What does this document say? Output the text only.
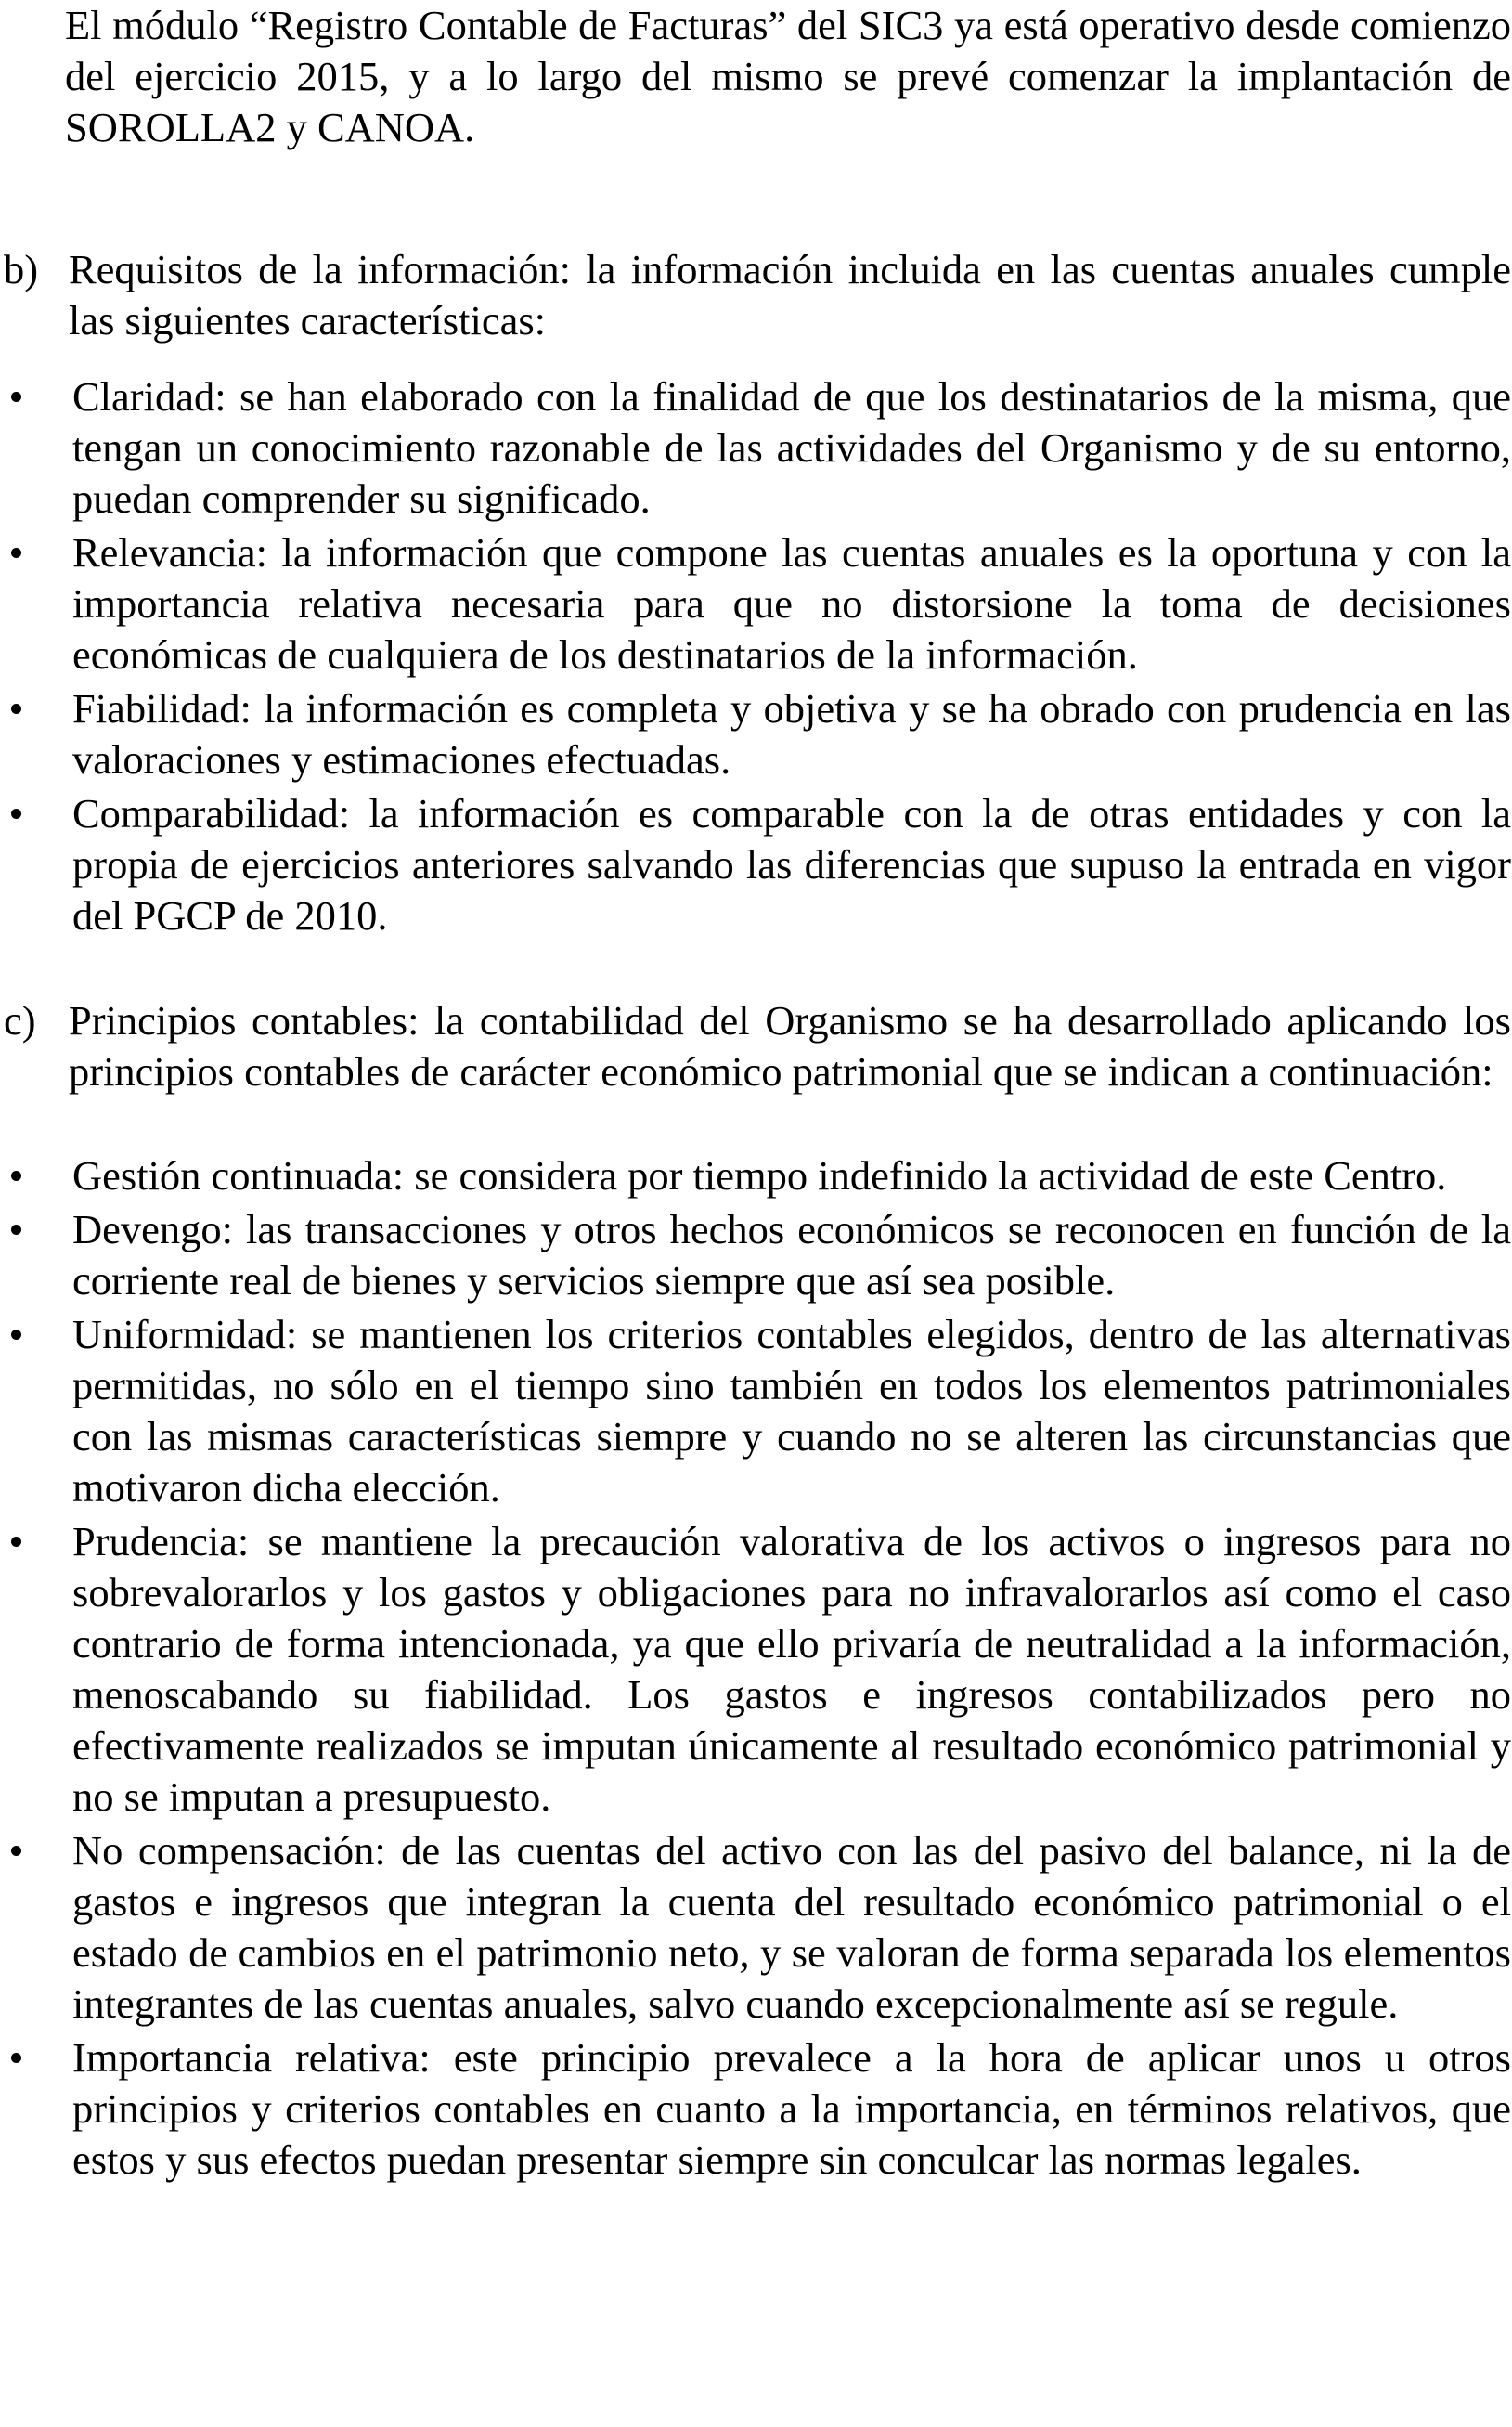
El módulo “Registro Contable de Facturas” del SIC3 ya está operativo desde comienzo del ejercicio 2015, y a lo largo del mismo se prevé comenzar la implantación de SOROLLA2 y CANOA.

b) Requisitos de la información: la información incluida en las cuentas anuales cumple las siguientes características:
Claridad: se han elaborado con la finalidad de que los destinatarios de la misma, que tengan un conocimiento razonable de las actividades del Organismo y de su entorno, puedan comprender su significado.
Relevancia: la información que compone las cuentas anuales es la oportuna y con la importancia relativa necesaria para que no distorsione la toma de decisiones económicas de cualquiera de los destinatarios de la información.
Fiabilidad: la información es completa y objetiva y se ha obrado con prudencia en las valoraciones y estimaciones efectuadas.
Comparabilidad: la información es comparable con la de otras entidades y con la propia de ejercicios anteriores salvando las diferencias que supuso la entrada en vigor del PGCP de 2010.
c) Principios contables: la contabilidad del Organismo se ha desarrollado aplicando los principios contables de carácter económico patrimonial que se indican a continuación:
Gestión continuada: se considera por tiempo indefinido la actividad de este Centro.
Devengo: las transacciones y otros hechos económicos se reconocen en función de la corriente real de bienes y servicios siempre que así sea posible.
Uniformidad: se mantienen los criterios contables elegidos, dentro de las alternativas permitidas, no sólo en el tiempo sino también en todos los elementos patrimoniales con las mismas características siempre y cuando no se alteren las circunstancias que motivaron dicha elección.
Prudencia: se mantiene la precaución valorativa de los activos o ingresos para no sobrevalorarlos y los gastos y obligaciones para no infravalorarlos así como el caso contrario de forma intencionada, ya que ello privaría de neutralidad a la información, menoscabando su fiabilidad. Los gastos e ingresos contabilizados pero no efectivamente realizados se imputan únicamente al resultado económico patrimonial y no se imputan a presupuesto.
No compensación: de las cuentas del activo con las del pasivo del balance, ni la de gastos e ingresos que integran la cuenta del resultado económico patrimonial o el estado de cambios en el patrimonio neto, y se valoran de forma separada los elementos integrantes de las cuentas anuales, salvo cuando excepcionalmente así se regule.
Importancia relativa: este principio prevalece a la hora de aplicar unos u otros principios y criterios contables en cuanto a la importancia, en términos relativos, que estos y sus efectos puedan presentar siempre sin conculcar las normas legales.
